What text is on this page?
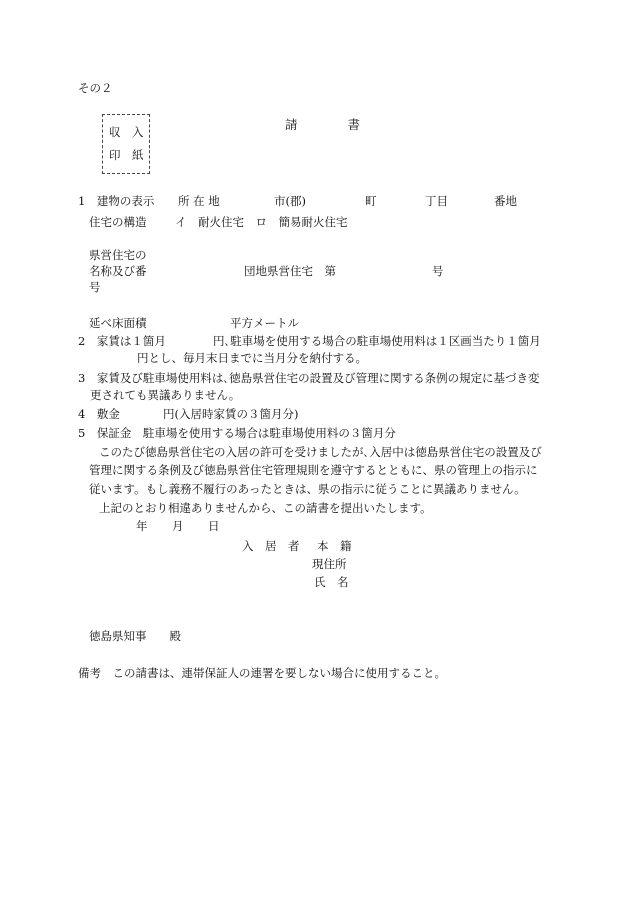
その２
収　入
印　紙
請　　　　書
1　建物の表示 所 在 地	市(郡)	町	丁目	番地
住宅の構造 イ　耐火住宅　ロ　簡易耐火住宅
県営住宅の
名称及び番
号
団地県営住宅　第	号
延べ床面積	平方メートル
2　家賃は１箇月	円､駐車場を使用する場合の駐車場使用料は１区画当たり１箇月
円とし、毎月末日までに当月分を納付する。
3　家賃及び駐車場使用料は､徳島県営住宅の設置及び管理に関する条例の規定に基づき変
更されても異議ありません。
4　敷金	円(入居時家賃の３箇月分)
5　保証金　駐車場を使用する場合は駐車場使用料の３箇月分
このたび徳島県営住宅の入居の許可を受けましたが､入居中は徳島県営住宅の設置及び
管理に関する条例及び徳島県営住宅管理規則を遵守するとともに、県の管理上の指示に
従います。もし義務不履行のあったときは、県の指示に従うことに異議ありません。
上記のとおり相違ありませんから、この請書を提出いたします。
年 月 日
入　居　者 本　籍
現住所
氏　名
徳島県知事　　殿
備考　この請書は、連帯保証人の連署を要しない場合に使用すること。
